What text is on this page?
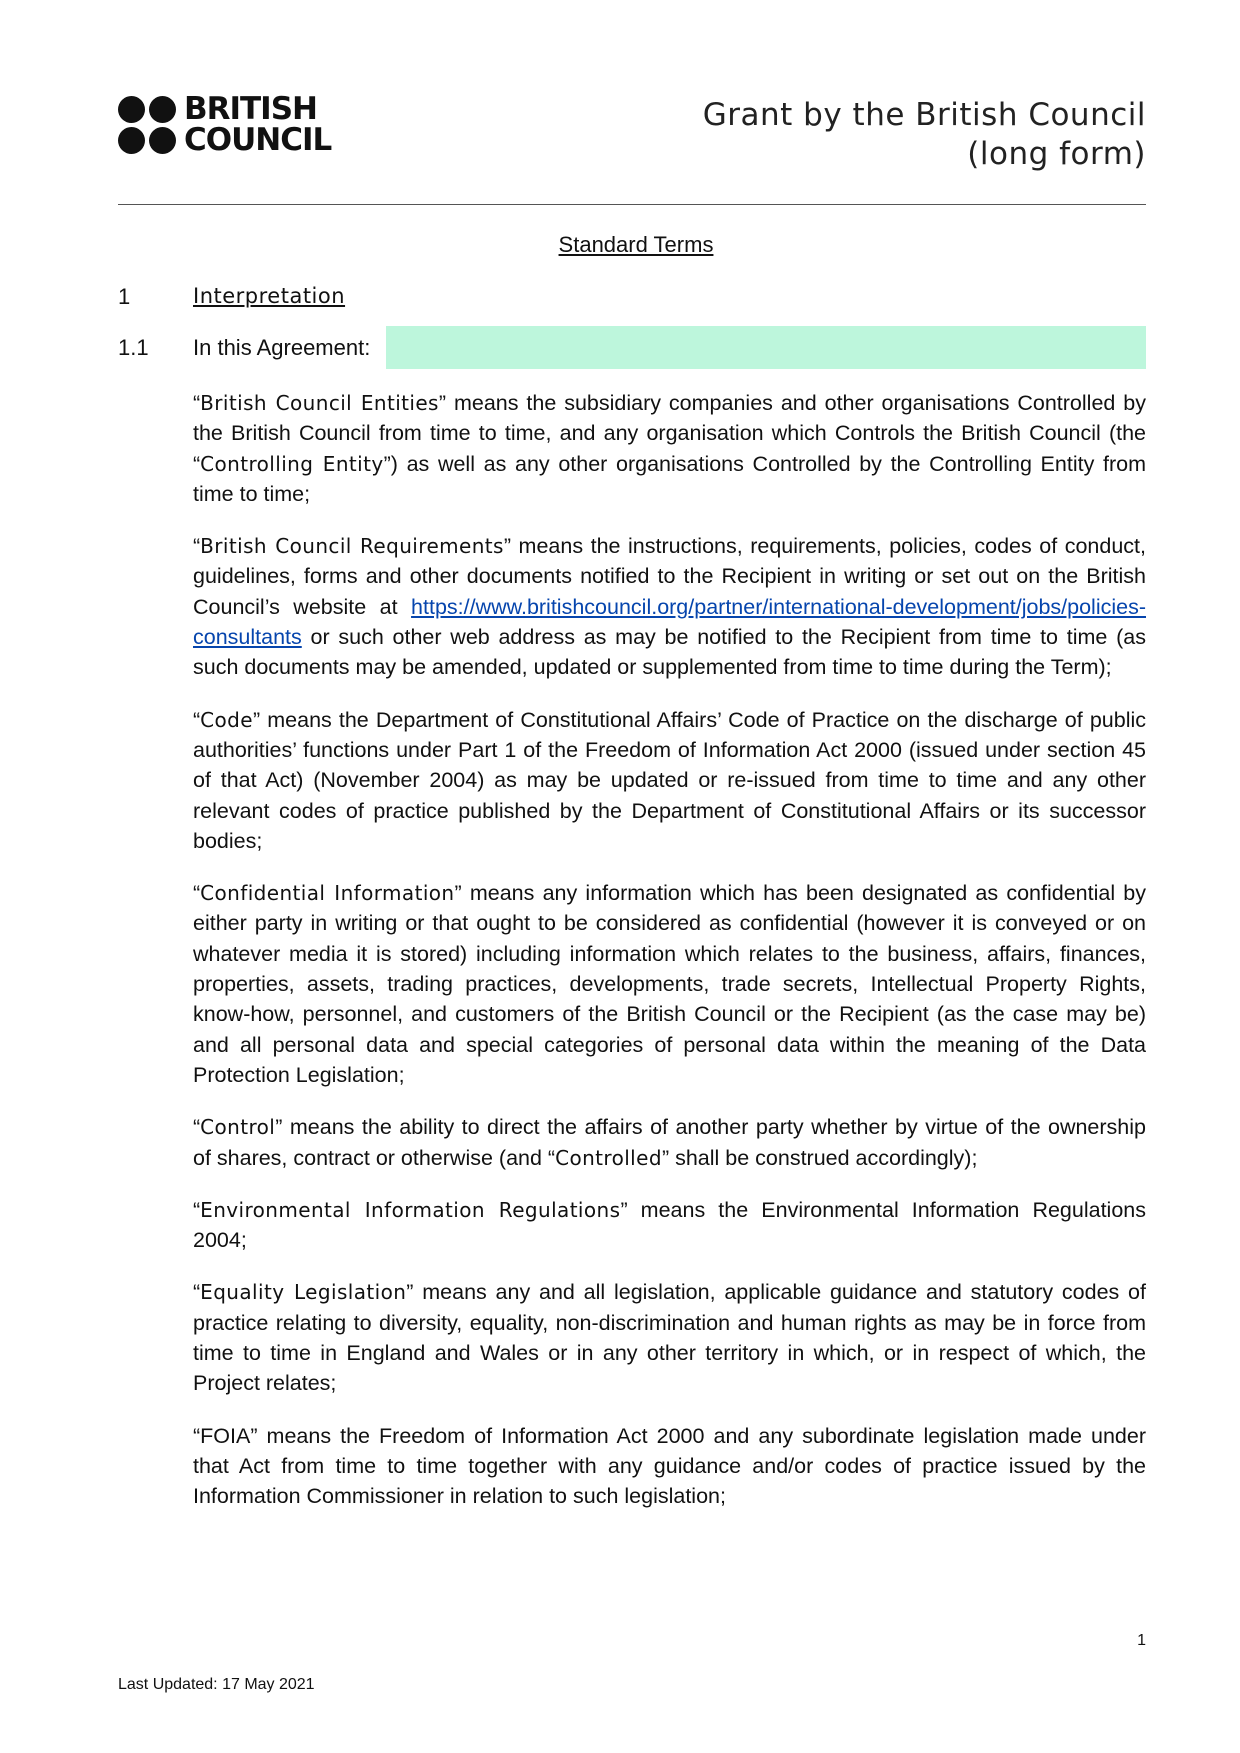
BRITISH
COUNCIL
Grant by the British Council
(long form)
Standard Terms
1	Interpretation
1.1	In this Agreement:

“British Council Entities” means the subsidiary companies and other organisations Controlled by the British Council from time to time, and any organisation which Controls the British Council (the “Controlling Entity”) as well as any other organisations Controlled by the Controlling Entity from time to time;

“British Council Requirements” means the instructions, requirements, policies, codes of conduct, guidelines, forms and other documents notified to the Recipient in writing or set out on the British Council’s website at https://www.britishcouncil.org/partner/international-development/jobs/policies-consultants or such other web address as may be notified to the Recipient from time to time (as such documents may be amended, updated or supplemented from time to time during the Term);

“Code” means the Department of Constitutional Affairs’ Code of Practice on the discharge of public authorities’ functions under Part 1 of the Freedom of Information Act 2000 (issued under section 45 of that Act) (November 2004) as may be updated or re-issued from time to time and any other relevant codes of practice published by the Department of Constitutional Affairs or its successor bodies;

“Confidential Information” means any information which has been designated as confidential by either party in writing or that ought to be considered as confidential (however it is conveyed or on whatever media it is stored) including information which relates to the business, affairs, finances, properties, assets, trading practices, developments, trade secrets, Intellectual Property Rights, know-how, personnel, and customers of the British Council or the Recipient (as the case may be) and all personal data and special categories of personal data within the meaning of the Data Protection Legislation;

“Control” means the ability to direct the affairs of another party whether by virtue of the ownership of shares, contract or otherwise (and “Controlled” shall be construed accordingly);

“Environmental Information Regulations” means the Environmental Information Regulations 2004;

“Equality Legislation” means any and all legislation, applicable guidance and statutory codes of practice relating to diversity, equality, non-discrimination and human rights as may be in force from time to time in England and Wales or in any other territory in which, or in respect of which, the Project relates;

“FOIA” means the Freedom of Information Act 2000 and any subordinate legislation made under that Act from time to time together with any guidance and/or codes of practice issued by the Information Commissioner in relation to such legislation;

1
Last Updated: 17 May 2021
